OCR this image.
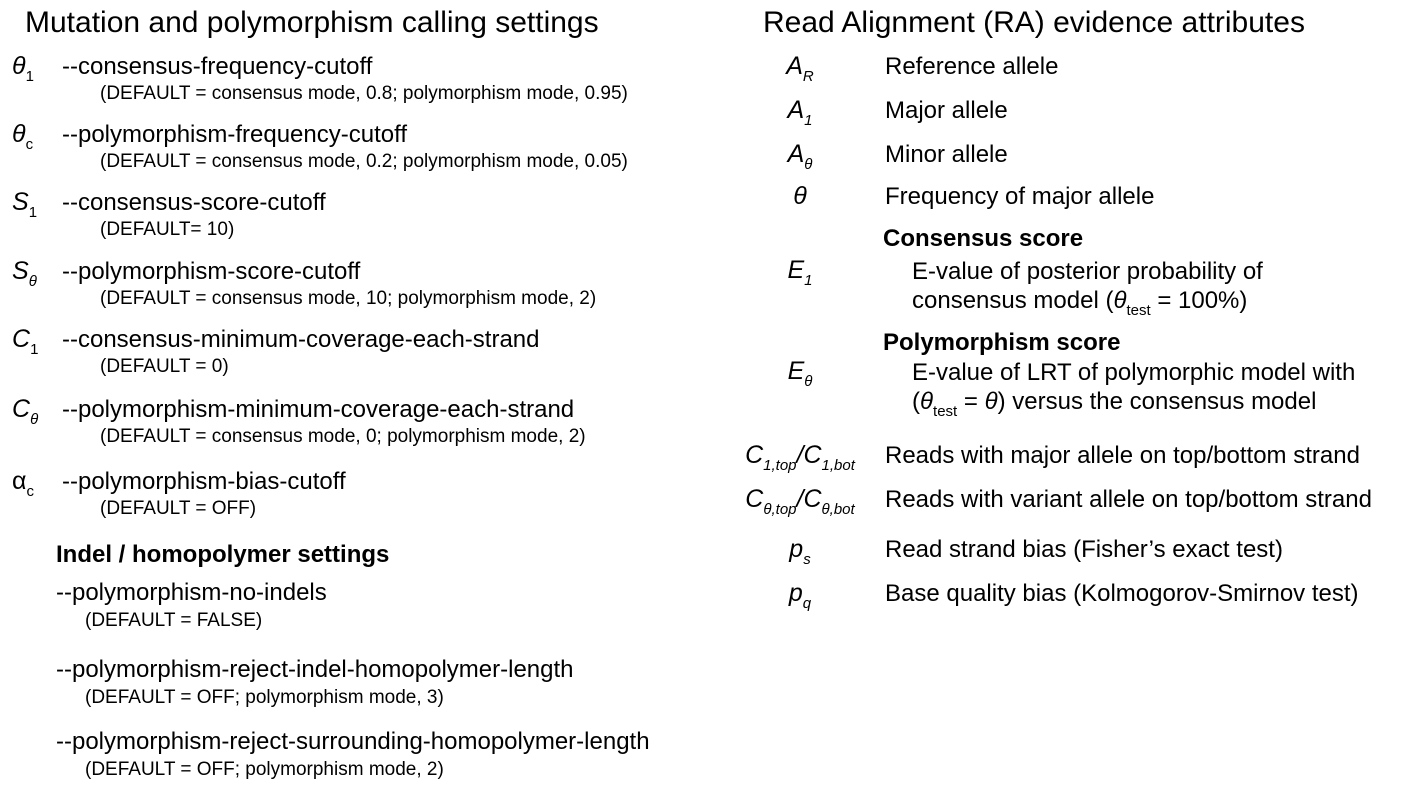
Mutation and polymorphism calling settings
$\theta_1$ --consensus-frequency-cutoff
(DEFAULT = consensus mode, 0.8; polymorphism mode, 0.95)
$\theta_c$ --polymorphism-frequency-cutoff
(DEFAULT = consensus mode, 0.2; polymorphism mode, 0.05)
$S_1$ --consensus-score-cutoff
(DEFAULT= 10)
$S_\theta$ --polymorphism-score-cutoff
(DEFAULT = consensus mode, 10; polymorphism mode, 2)
$C_1$ --consensus-minimum-coverage-each-strand
(DEFAULT = 0)
$C_\theta$ --polymorphism-minimum-coverage-each-strand
(DEFAULT = consensus mode, 0; polymorphism mode, 2)
$\alpha_c$ --polymorphism-bias-cutoff
(DEFAULT = OFF)
Indel / homopolymer settings
--polymorphism-no-indels
(DEFAULT = FALSE)
--polymorphism-reject-indel-homopolymer-length
(DEFAULT = OFF; polymorphism mode, 3)
--polymorphism-reject-surrounding-homopolymer-length
(DEFAULT = OFF; polymorphism mode, 2)
Read Alignment (RA) evidence attributes
$A_R$	Reference allele
$A_1$	Major allele
$A_\theta$	Minor allele
θ	Frequency of major allele
Consensus score
$E_1$	E-value of posterior probability of
consensus model $(\theta_{test} = 100\%)$
Polymorphism score
$E_\theta$	E-value of LRT of polymorphic model with
$(\theta_{test} = \theta)$ versus the consensus model
$C_{1,top}/C_{1,bot}$	Reads with major allele on top/bottom strand
$C_{\theta,top}/C_{\theta,bot}$	Reads with variant allele on top/bottom strand
$p_s$	Read strand bias (Fisher’s exact test)
$p_q$	Base quality bias (Kolmogorov-Smirnov test)
